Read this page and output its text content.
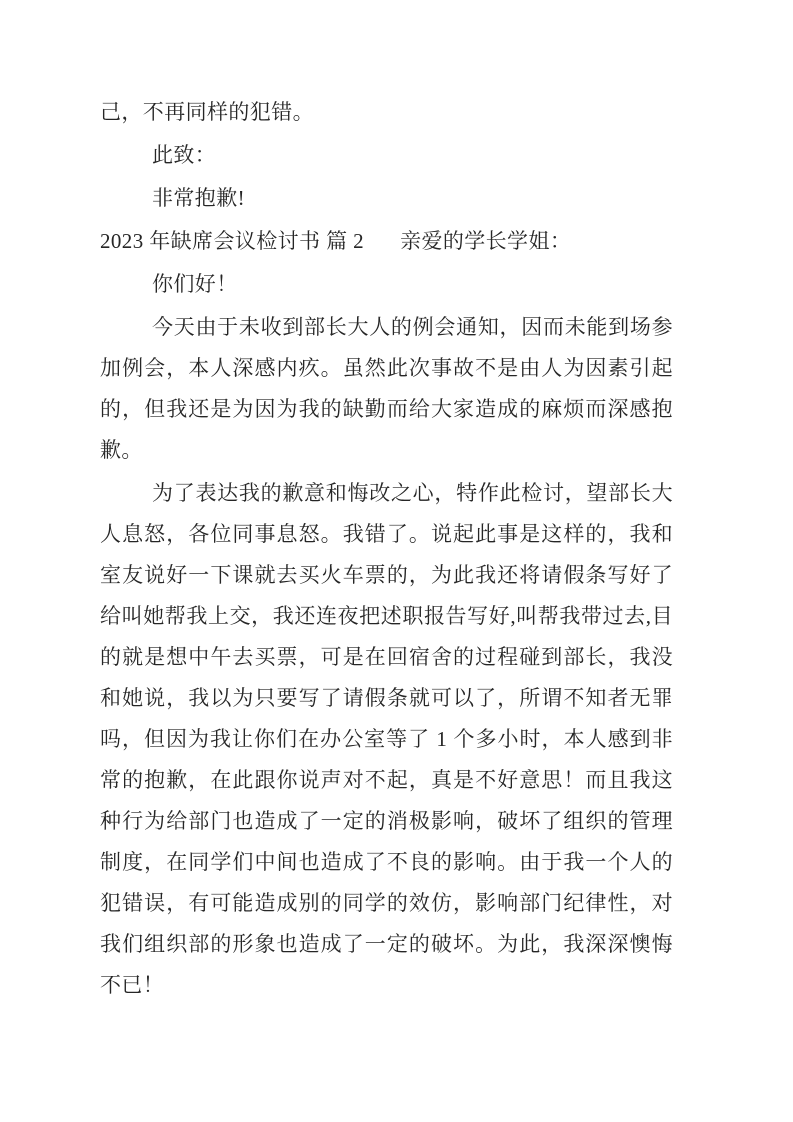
己，不再同样的犯错。

此致：

非常抱歉!

2023 年缺席会议检讨书 篇 2 亲爱的学长学姐：

你们好！

今天由于未收到部长大人的例会通知，因而未能到场参加例会，本人深感内疚。虽然此次事故不是由人为因素引起的，但我还是为因为我的缺勤而给大家造成的麻烦而深感抱歉。

为了表达我的歉意和悔改之心，特作此检讨，望部长大人息怒，各位同事息怒。我错了。说起此事是这样的，我和室友说好一下课就去买火车票的，为此我还将请假条写好了给叫她帮我上交，我还连夜把述职报告写好,叫帮我带过去,目的就是想中午去买票，可是在回宿舍的过程碰到部长，我没和她说，我以为只要写了请假条就可以了，所谓不知者无罪吗，但因为我让你们在办公室等了 1 个多小时，本人感到非常的抱歉，在此跟你说声对不起，真是不好意思！而且我这种行为给部门也造成了一定的消极影响，破坏了组织的管理制度，在同学们中间也造成了不良的影响。由于我一个人的犯错误，有可能造成别的同学的效仿，影响部门纪律性，对我们组织部的形象也造成了一定的破坏。为此，我深深懊悔不已！
